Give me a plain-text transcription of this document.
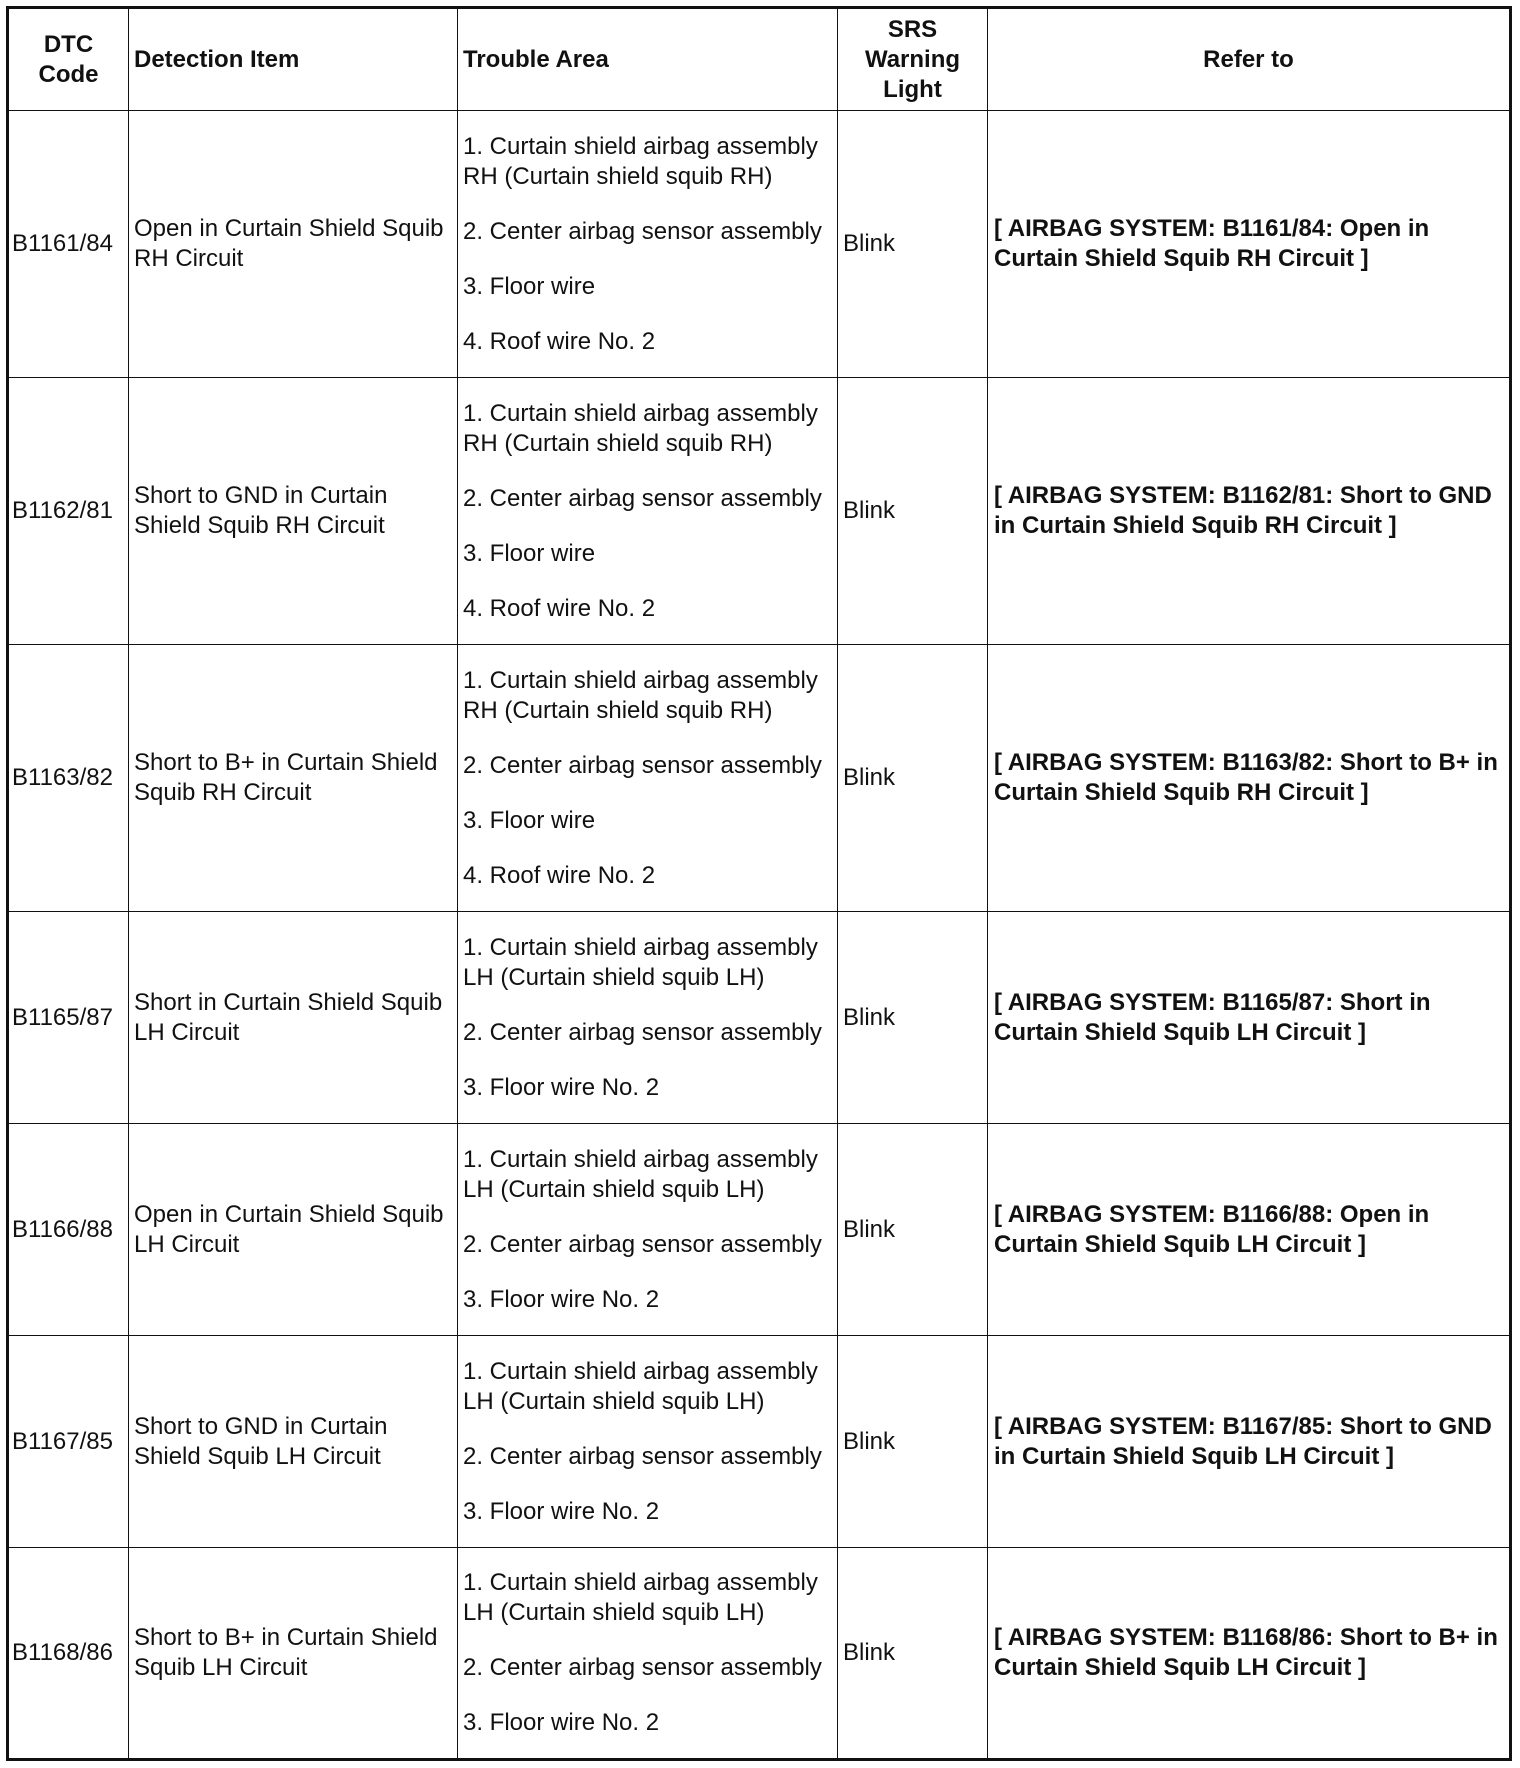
DTC Code	Detection Item	Trouble Area	SRS Warning Light	Refer to
B1161/84	Open in Curtain Shield Squib RH Circuit	1. Curtain shield airbag assembly RH (Curtain shield squib RH)
2. Center airbag sensor assembly
3. Floor wire
4. Roof wire No. 2	Blink	[ AIRBAG SYSTEM: B1161/84: Open in Curtain Shield Squib RH Circuit ]
B1162/81	Short to GND in Curtain Shield Squib RH Circuit	1. Curtain shield airbag assembly RH (Curtain shield squib RH)
2. Center airbag sensor assembly
3. Floor wire
4. Roof wire No. 2	Blink	[ AIRBAG SYSTEM: B1162/81: Short to GND in Curtain Shield Squib RH Circuit ]
B1163/82	Short to B+ in Curtain Shield Squib RH Circuit	1. Curtain shield airbag assembly RH (Curtain shield squib RH)
2. Center airbag sensor assembly
3. Floor wire
4. Roof wire No. 2	Blink	[ AIRBAG SYSTEM: B1163/82: Short to B+ in Curtain Shield Squib RH Circuit ]
B1165/87	Short in Curtain Shield Squib LH Circuit	1. Curtain shield airbag assembly LH (Curtain shield squib LH)
2. Center airbag sensor assembly
3. Floor wire No. 2	Blink	[ AIRBAG SYSTEM: B1165/87: Short in Curtain Shield Squib LH Circuit ]
B1166/88	Open in Curtain Shield Squib LH Circuit	1. Curtain shield airbag assembly LH (Curtain shield squib LH)
2. Center airbag sensor assembly
3. Floor wire No. 2	Blink	[ AIRBAG SYSTEM: B1166/88: Open in Curtain Shield Squib LH Circuit ]
B1167/85	Short to GND in Curtain Shield Squib LH Circuit	1. Curtain shield airbag assembly LH (Curtain shield squib LH)
2. Center airbag sensor assembly
3. Floor wire No. 2	Blink	[ AIRBAG SYSTEM: B1167/85: Short to GND in Curtain Shield Squib LH Circuit ]
B1168/86	Short to B+ in Curtain Shield Squib LH Circuit	1. Curtain shield airbag assembly LH (Curtain shield squib LH)
2. Center airbag sensor assembly
3. Floor wire No. 2	Blink	[ AIRBAG SYSTEM: B1168/86: Short to B+ in Curtain Shield Squib LH Circuit ]
